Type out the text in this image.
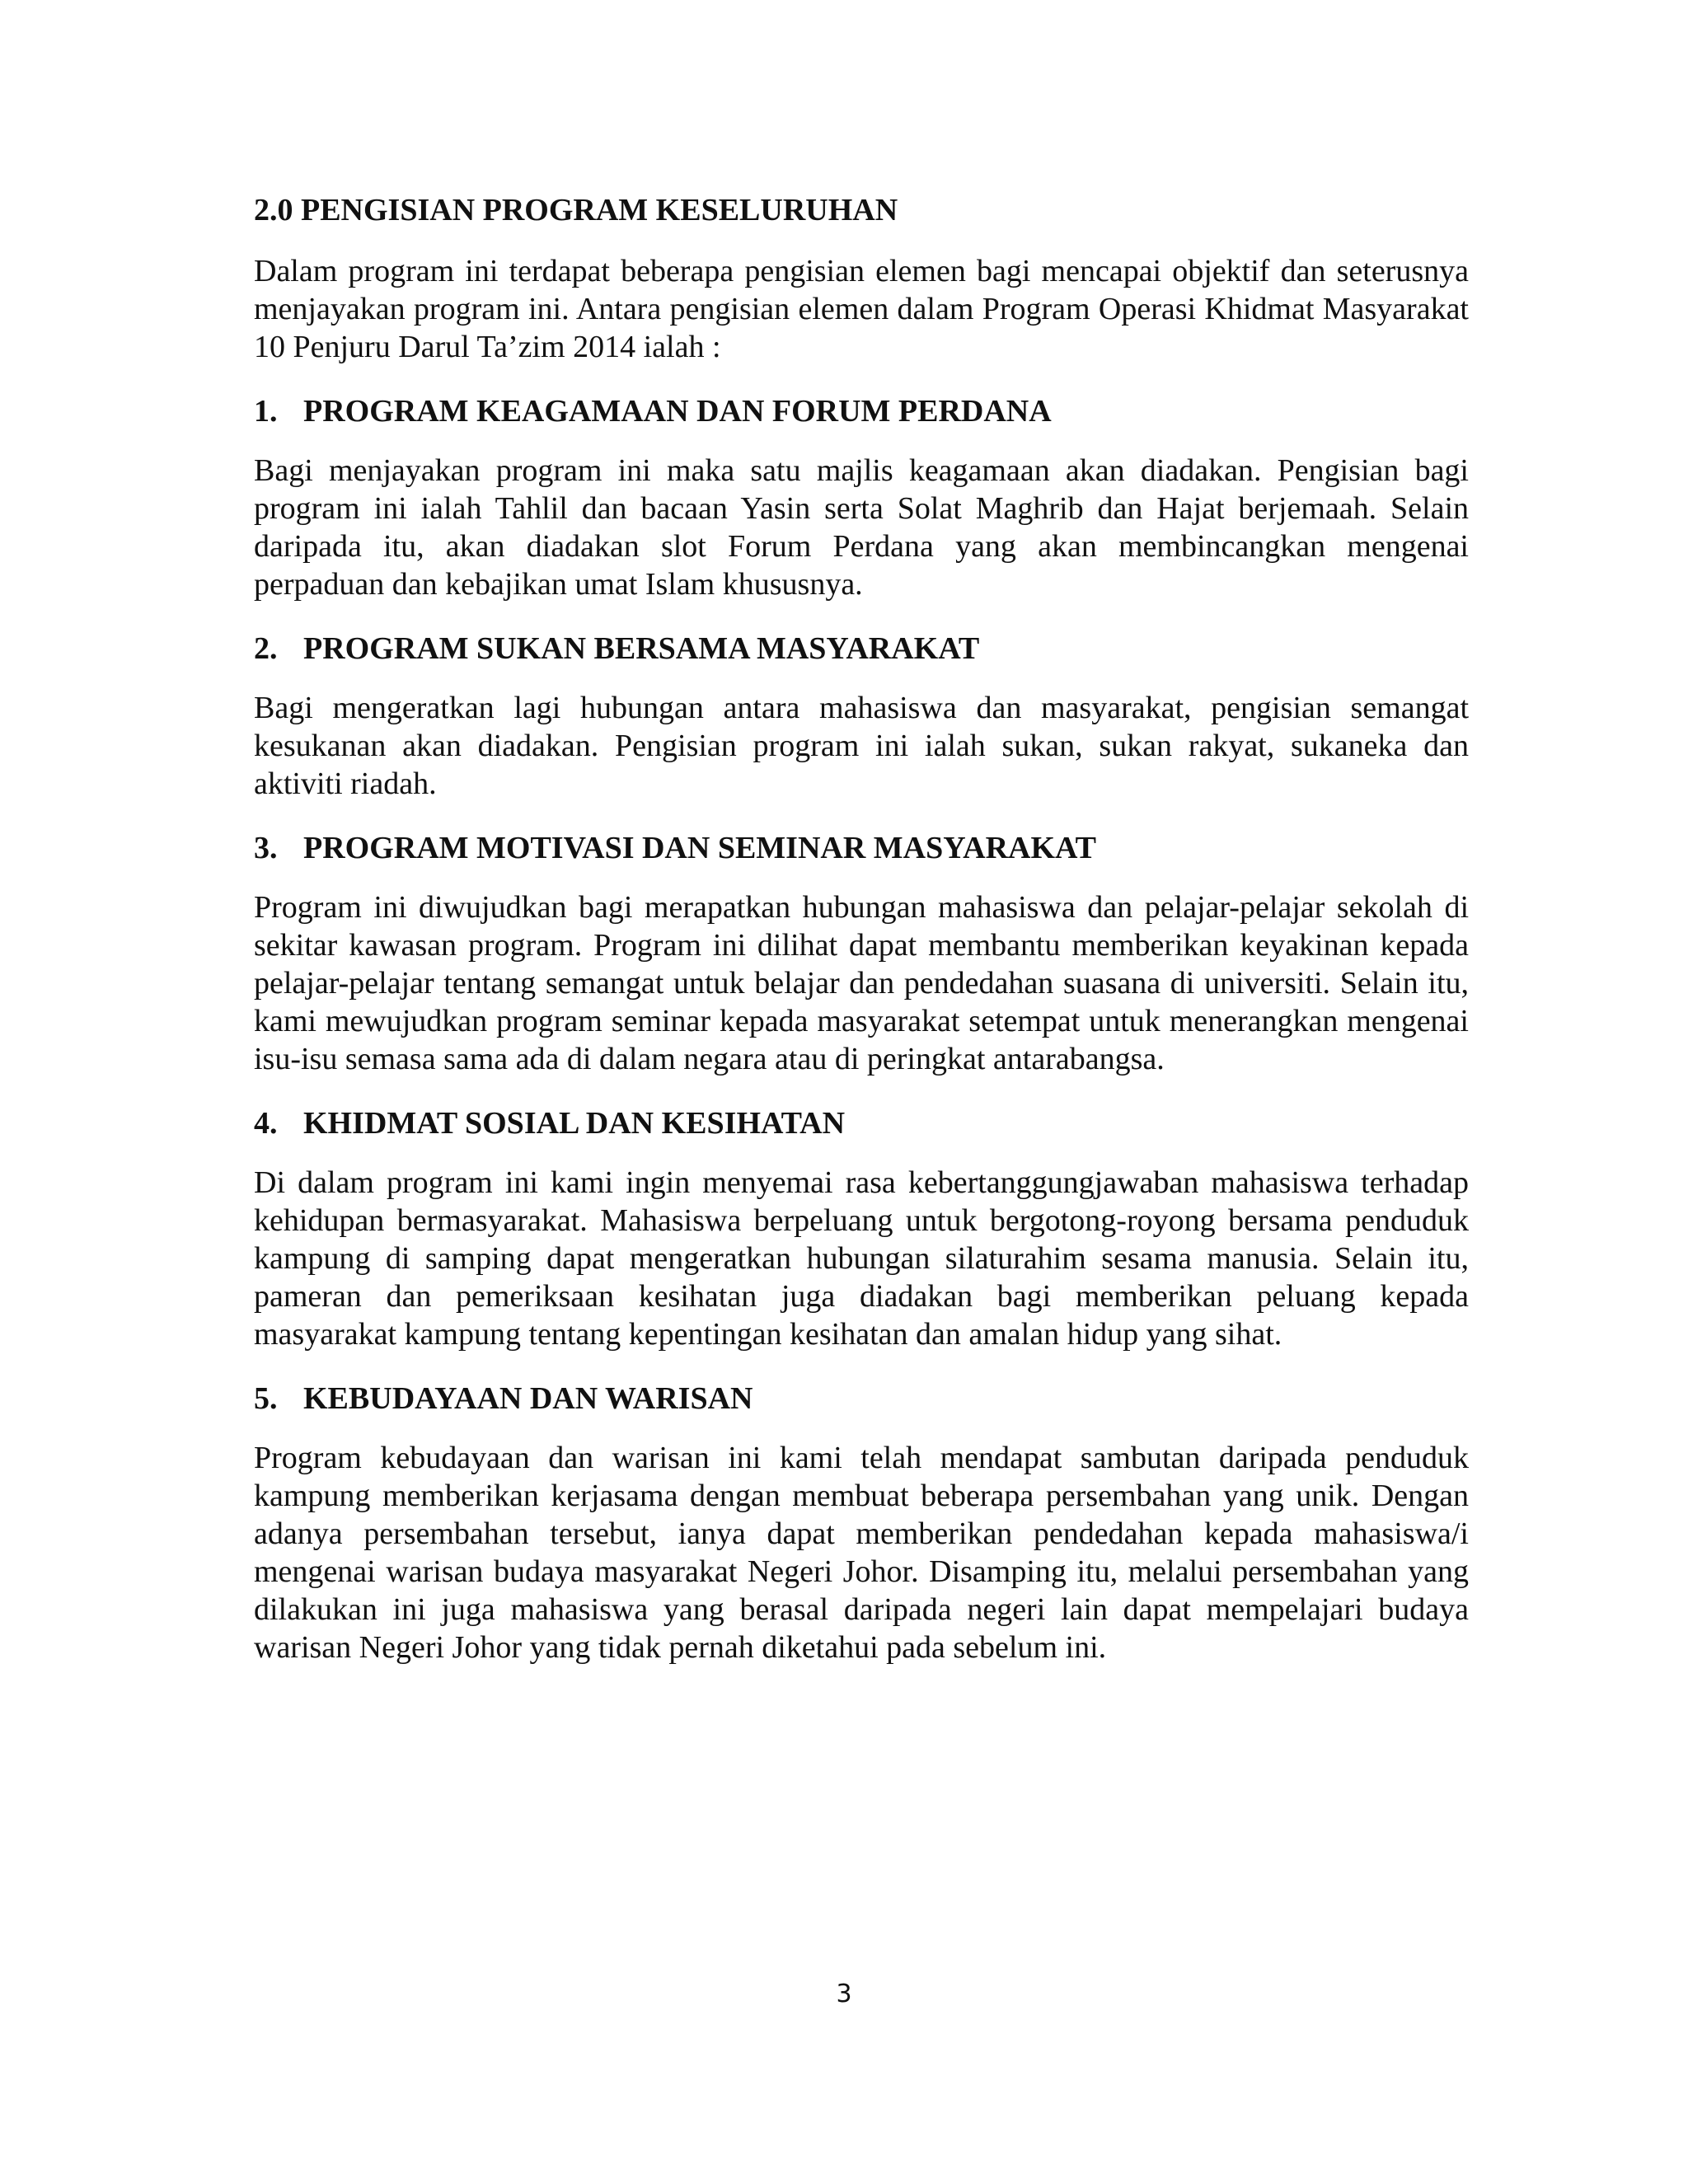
2.0 PENGISIAN PROGRAM KESELURUHAN

Dalam program ini terdapat beberapa pengisian elemen bagi mencapai objektif dan seterusnya menjayakan program ini. Antara pengisian elemen dalam Program Operasi Khidmat Masyarakat 10 Penjuru Darul Ta’zim 2014 ialah :

1. PROGRAM KEAGAMAAN DAN FORUM PERDANA

Bagi menjayakan program ini maka satu majlis keagamaan akan diadakan. Pengisian bagi program ini ialah Tahlil dan bacaan Yasin serta Solat Maghrib dan Hajat berjemaah. Selain daripada itu, akan diadakan slot Forum Perdana yang akan membincangkan mengenai perpaduan dan kebajikan umat Islam khususnya.

2. PROGRAM SUKAN BERSAMA MASYARAKAT

Bagi mengeratkan lagi hubungan antara mahasiswa dan masyarakat, pengisian semangat kesukanan akan diadakan. Pengisian program ini ialah sukan, sukan rakyat, sukaneka dan aktiviti riadah.

3. PROGRAM MOTIVASI DAN SEMINAR MASYARAKAT

Program ini diwujudkan bagi merapatkan hubungan mahasiswa dan pelajar-pelajar sekolah di sekitar kawasan program. Program ini dilihat dapat membantu memberikan keyakinan kepada pelajar-pelajar tentang semangat untuk belajar dan pendedahan suasana di universiti. Selain itu, kami mewujudkan program seminar kepada masyarakat setempat untuk menerangkan mengenai isu-isu semasa sama ada di dalam negara atau di peringkat antarabangsa.

4. KHIDMAT SOSIAL DAN KESIHATAN

Di dalam program ini kami ingin menyemai rasa kebertanggungjawaban mahasiswa terhadap kehidupan bermasyarakat. Mahasiswa berpeluang untuk bergotong-royong bersama penduduk kampung di samping dapat mengeratkan hubungan silaturahim sesama manusia. Selain itu, pameran dan pemeriksaan kesihatan juga diadakan bagi memberikan peluang kepada masyarakat kampung tentang kepentingan kesihatan dan amalan hidup yang sihat.

5. KEBUDAYAAN DAN WARISAN

Program kebudayaan dan warisan ini kami telah mendapat sambutan daripada penduduk kampung memberikan kerjasama dengan membuat beberapa persembahan yang unik. Dengan adanya persembahan tersebut, ianya dapat memberikan pendedahan kepada mahasiswa/i mengenai warisan budaya masyarakat Negeri Johor. Disamping itu, melalui persembahan yang dilakukan ini juga mahasiswa yang berasal daripada negeri lain dapat mempelajari budaya warisan Negeri Johor yang tidak pernah diketahui pada sebelum ini.

3
